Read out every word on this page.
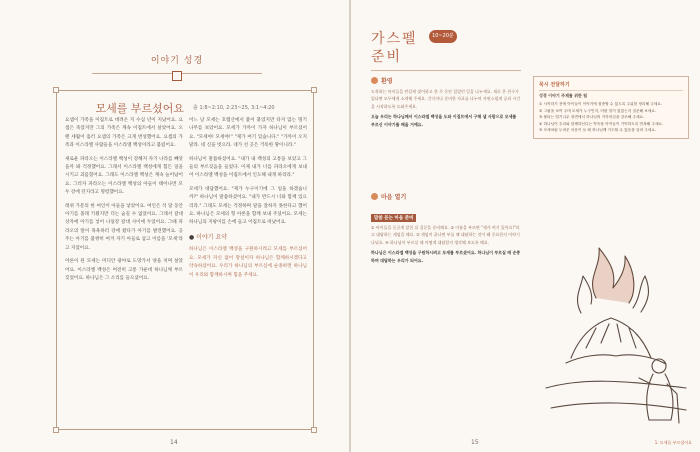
이야기 성경
모세를 부르셨어요 출 1:8~2:10, 2:23~25, 3:1~4:20

요셉이 가족을 이집트로 데려온 지 수십 년이 지났어요. 요셉은 죽었지만 그의 가족은 계속 이집트에서 살았어요. 오랜 세월이 흘러 요셉의 가족은 크게 번성했어요. 요셉의 가족과 이스라엘 사람들을 이스라엘 백성이라고 불렀어요.

새로운 파라오는 이스라엘 백성이 강해져 자기 나라를 빼앗을까 봐 걱정했어요. 그래서 이스라엘 백성에게 힘든 일을 시키고 괴롭혔어요. 그래도 이스라엘 백성은 계속 늘어났어요. 그러자 파라오는 이스라엘 백성의 아들이 태어나면 모두 강에 던지라고 명령했어요.

레위 가문의 한 여인이 아들을 낳았어요. 여인은 석 달 동안 아기를 몰래 키웠지만 더는 숨길 수 없었어요. 그래서 갈대 상자에 아기를 넣어 나일강 갈대 사이에 두었어요. 그때 파라오의 딸이 목욕하러 강에 왔다가 아기를 발견했어요. 공주는 아기를 불쌍히 여겨 자기 아들로 삼고 이름을 '모세'라고 지었어요.

어른이 된 모세는 미디안 광야로 도망가서 양을 치며 살았어요. 이스라엘 백성은 여전히 고통 가운데 하나님께 부르짖었어요. 하나님은 그 소리를 들으셨어요.

어느 날 모세는 호렙산에서 불이 붙었지만 타지 않는 떨기나무를 보았어요. 모세가 가까이 가자 하나님이 부르셨어요. "모세야! 모세야!" "제가 여기 있습니다." "가까이 오지 말라. 네 신을 벗으라. 네가 선 곳은 거룩한 땅이니라."

하나님이 말씀하셨어요. "내가 내 백성의 고통을 보았고 그들의 부르짖음을 들었다. 이제 내가 너를 파라오에게 보내어 이스라엘 백성을 이집트에서 인도해 내게 하리라."

모세가 대답했어요. "제가 누구이기에 그 일을 하겠습니까?" 하나님이 말씀하셨어요. "내가 반드시 너와 함께 있으리라." 그래도 모세는 걱정하며 말을 잘하지 못한다고 했어요. 하나님은 모세의 형 아론을 함께 보내 주셨어요. 모세는 하나님의 지팡이를 손에 들고 이집트로 떠났어요.

● 이야기 요약
하나님은 이스라엘 백성을 구원하시려고 모세를 부르셨어요. 모세가 자신 없어 망설이자 하나님은 함께하시겠다고 약속하셨어요. 우리가 하나님의 부르심에 순종하면 하나님이 우리와 함께하시며 힘을 주세요.
14
가스펠
준비
10~20분
환영
도착하는 아이들을 반갑게 맞이하고 한 주 동안 있었던 일을 나누세요. 새로 온 친구가 있다면 모두에게 소개해 주세요. 간식이나 준비한 자료를 나누며 자연스럽게 공과 시간을 시작하도록 도와주세요.
오늘 우리는 하나님께서 이스라엘 백성을 도와 이집트에서 구해 낼 사람으로 모세를 부르신 이야기를 배울 거예요.
마음 열기
말씀 듣는 마음 준비
① 아이들을 둥글게 앉힌 뒤 질문을 준비해요. ② 이름을 부르면 "제가 여기 있어요!"라고 대답하는 게임을 해요. ③ 게임이 끝나면 부를 때 대답하는 것이 왜 중요한지 이야기 나눠요. ④ 하나님이 부르실 때 어떻게 대답할지 생각해 보도록 해요.
하나님은 이스라엘 백성을 구원하시려고 모세를 부르셨어요. 하나님이 부르실 때 순종하며 대답하는 우리가 되어요.
묵시 전달하기
성경 이야기 주제를 위한 팁
① 시작하기 전에 아이들이 이야기에 집중할 수 있도록 주위를 정리해 주세요.
② 그림을 보여 주며 모세가 누구인지, 어떤 일이 있었는지 질문해 보세요.
③ 불타는 떨기나무 장면에서 하나님의 거룩하심을 강조해 주세요.
④ 하나님이 우리와 함께하신다는 약속을 아이들이 기억하도록 반복해 주세요.
⑤ 모세처럼 두려운 마음이 들 때 하나님께 기도할 수 있음을 알려 주세요.
15	1. 모세를 부르셨어요
